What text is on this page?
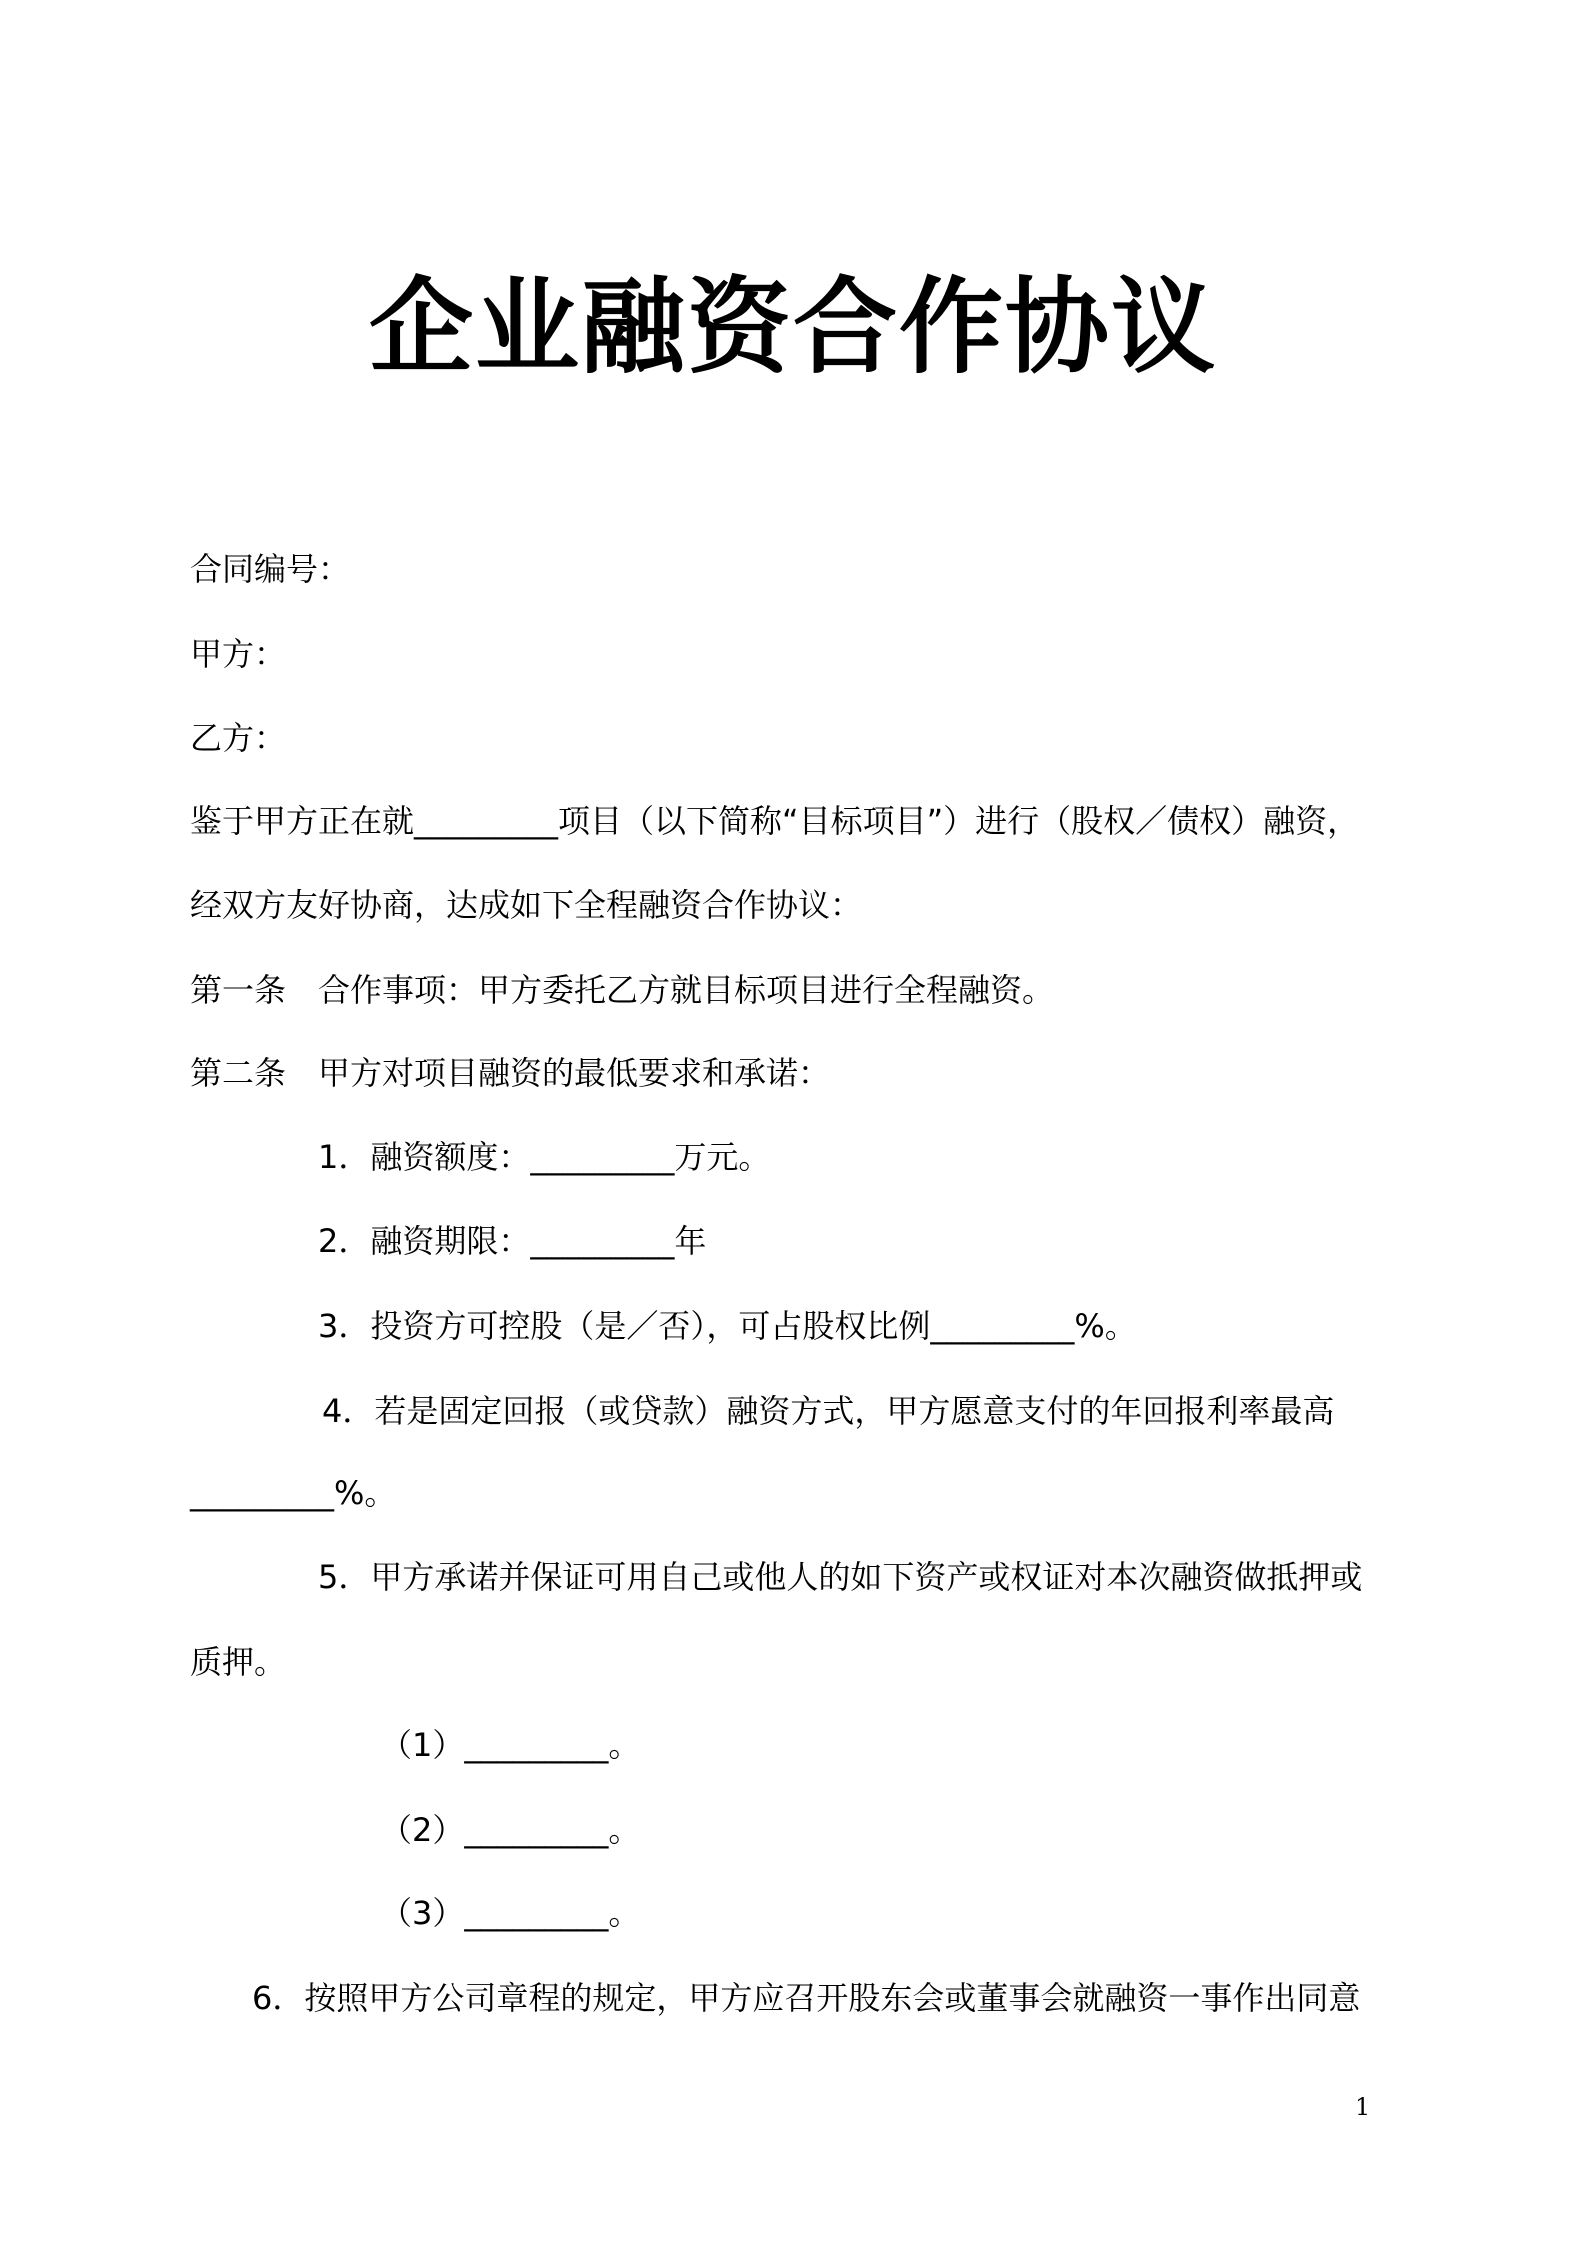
企业融资合作协议
合同编号：
甲方：
乙方：
鉴于甲方正在就_________项目（以下简称“目标项目”）进行（股权／债权）融资，
经双方友好协商，达成如下全程融资合作协议：
第一条 合作事项：甲方委托乙方就目标项目进行全程融资。
第二条 甲方对项目融资的最低要求和承诺：
1．融资额度：_________万元。
2．融资期限：_________年
3．投资方可控股（是／否），可占股权比例_________%。
4．若是固定回报（或贷款）融资方式，甲方愿意支付的年回报利率最高
_________%。
5．甲方承诺并保证可用自己或他人的如下资产或权证对本次融资做抵押或
质押。
（1）_________。
（2）_________。
（3）_________。
6．按照甲方公司章程的规定，甲方应召开股东会或董事会就融资一事作出同意
1
